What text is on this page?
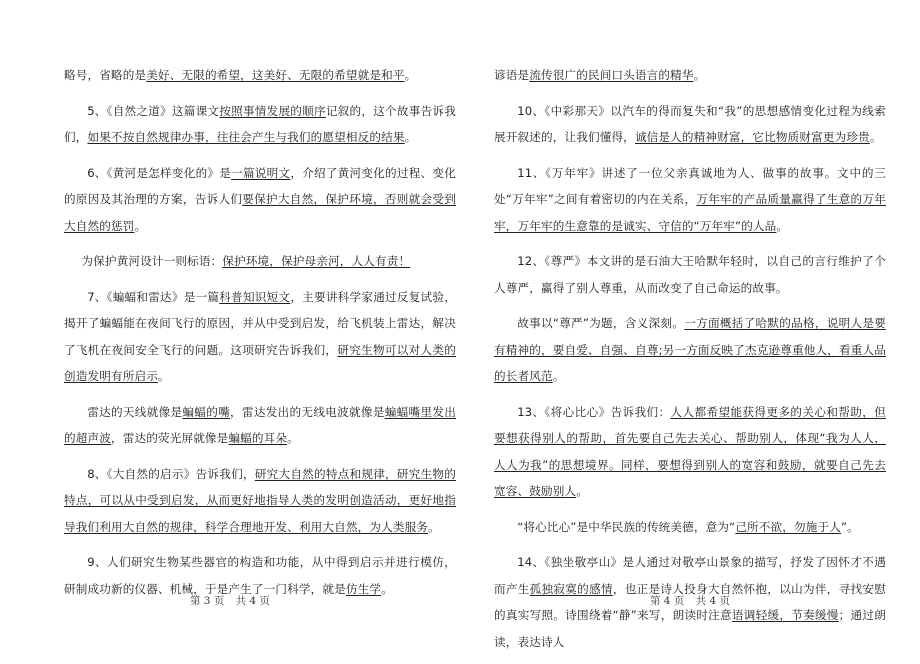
略号，省略的是美好、无限的希望，这美好、无限的希望就是和平。

5、《自然之道》这篇课文按照事情发展的顺序记叙的，这个故事告诉我们，如果不按自然规律办事，往往会产生与我们的愿望相反的结果。

6、《黄河是怎样变化的》是一篇说明文，介绍了黄河变化的过程、变化的原因及其治理的方案，告诉人们要保护大自然，保护环境，否则就会受到大自然的惩罚。

为保护黄河设计一则标语：保护环境，保护母亲河，人人有责！

7、《蝙蝠和雷达》是一篇科普知识短文，主要讲科学家通过反复试验，揭开了蝙蝠能在夜间飞行的原因，并从中受到启发，给飞机装上雷达，解决了飞机在夜间安全飞行的问题。这项研究告诉我们，研究生物可以对人类的创造发明有所启示。

雷达的天线就像是蝙蝠的嘴，雷达发出的无线电波就像是蝙蝠嘴里发出的超声波，雷达的荧光屏就像是蝙蝠的耳朵。

8、《大自然的启示》告诉我们，研究大自然的特点和规律，研究生物的特点，可以从中受到启发，从而更好地指导人类的发明创造活动，更好地指导我们利用大自然的规律，科学合理地开发、利用大自然，为人类服务。

9、人们研究生物某些器官的构造和功能，从中得到启示并进行模仿，研制成功新的仪器、机械，于是产生了一门科学，就是仿生学。

第 3 页 共 4 页

谚语是流传很广的民间口头语言的精华。

10、《中彩那天》以汽车的得而复失和“我”的思想感情变化过程为线索展开叙述的，让我们懂得，诚信是人的精神财富，它比物质财富更为珍贵。

11、《万年牢》讲述了一位父亲真诚地为人、做事的故事。文中的三处“万年牢”之间有着密切的内在关系，万年牢的产品质量赢得了生意的万年牢，万年牢的生意靠的是诚实、守信的“万年牢”的人品。

12、《尊严》本文讲的是石油大王哈默年轻时，以自己的言行维护了个人尊严，赢得了别人尊重，从而改变了自己命运的故事。

故事以“尊严”为题，含义深刻。一方面概括了哈默的品格，说明人是要有精神的，要自爱、自强、自尊;另一方面反映了杰克逊尊重他人，看重人品的长者风范。

13、《将心比心》告诉我们：人人都希望能获得更多的关心和帮助，但要想获得别人的帮助，首先要自己先去关心、帮助别人，体现“我为人人，人人为我”的思想境界。同样，要想得到别人的宽容和鼓励，就要自己先去宽容、鼓励别人。

“将心比心”是中华民族的传统美德，意为“己所不欲，勿施于人”。

14、《独坐敬亭山》是人通过对敬亭山景象的描写，抒发了因怀才不遇而产生孤独寂寞的感情，也正是诗人投身大自然怀抱，以山为伴，寻找安慰的真实写照。诗围绕着“静”来写，朗读时注意语调轻缓，节奏缓慢；通过朗读，表达诗人

第 4 页 共 4 页
